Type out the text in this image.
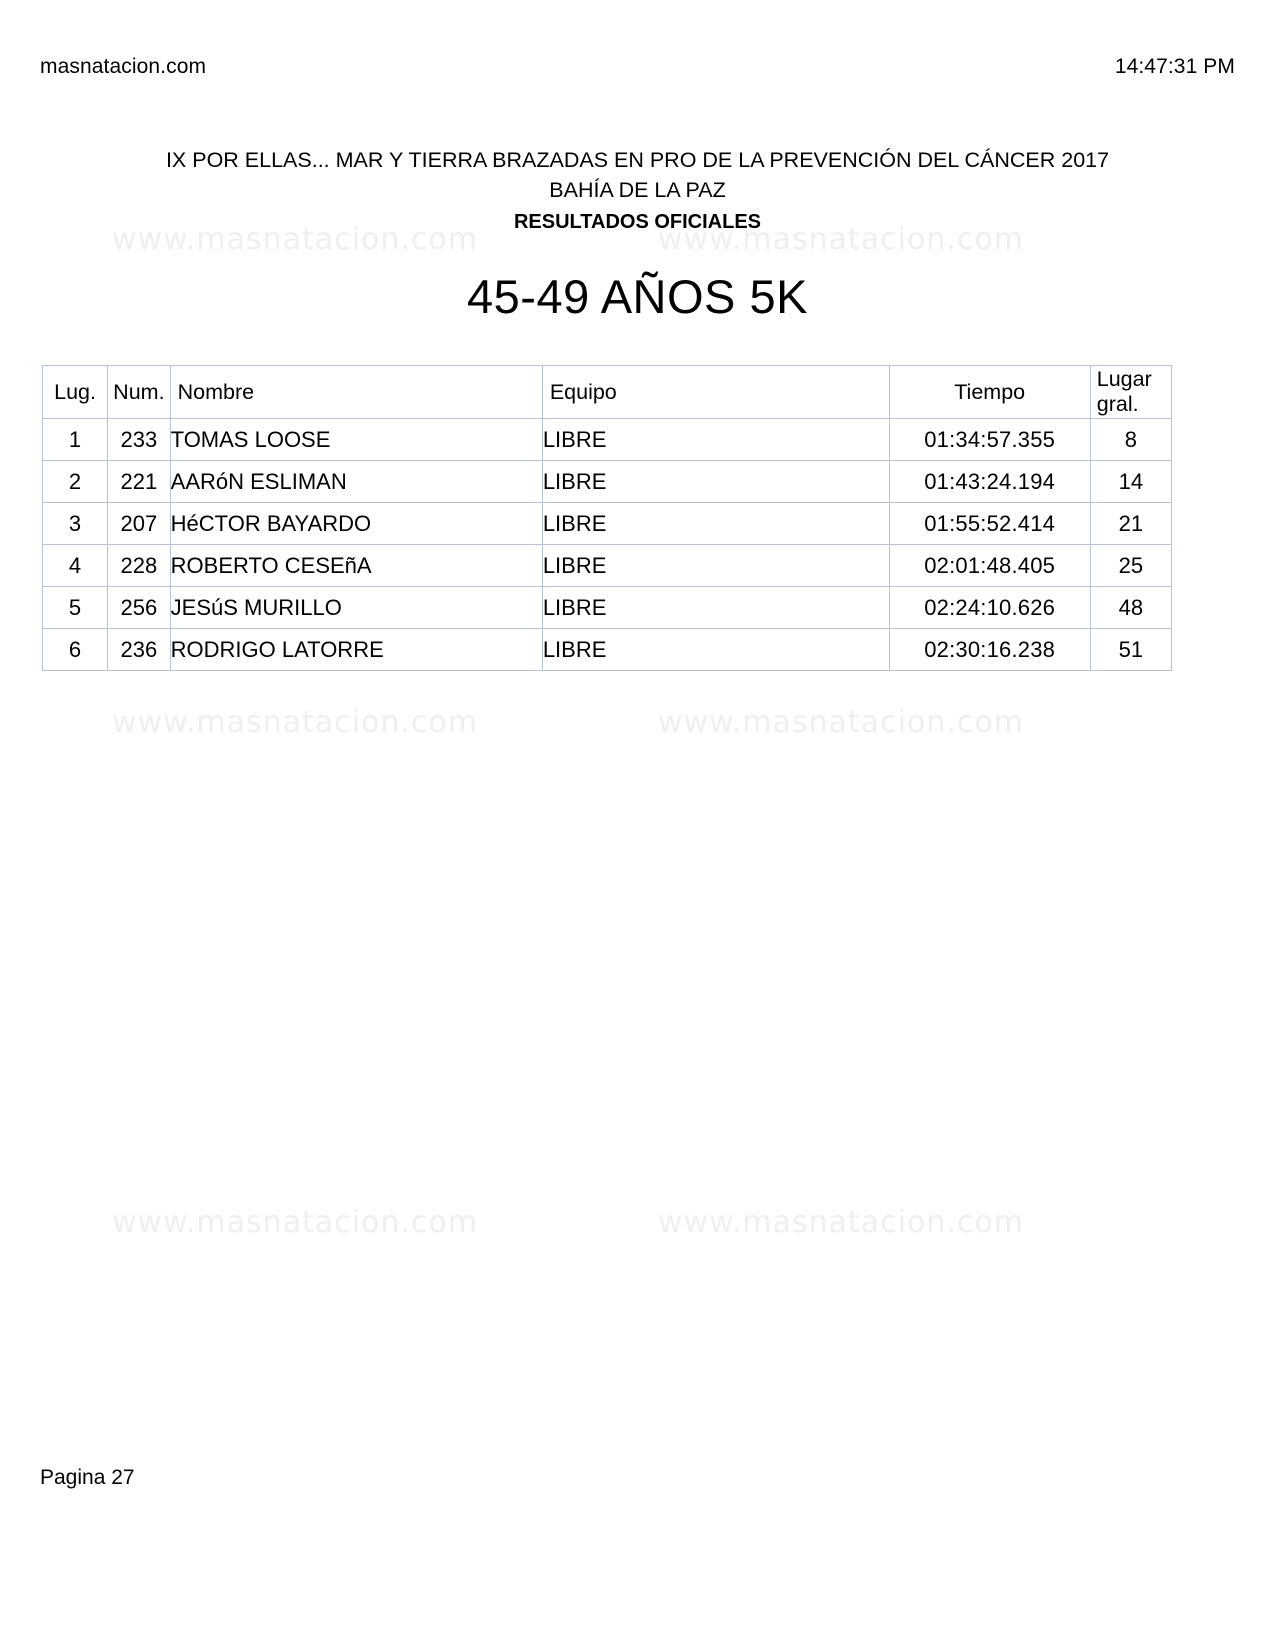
www.masnatacion.com	www.masnatacion.com
www.masnatacion.com	www.masnatacion.com
www.masnatacion.com	www.masnatacion.com
masnatacion.com	14:47:31 PM
IX POR ELLAS... MAR Y TIERRA BRAZADAS EN PRO DE LA PREVENCIÓN DEL CÁNCER 2017
BAHÍA DE LA PAZ
RESULTADOS OFICIALES
45-49 AÑOS 5K
Lug.	Num.	Nombre	Equipo	Tiempo	Lugar
gral.
1	233	TOMAS LOOSE	LIBRE	01:34:57.355	8
2	221	AARóN ESLIMAN	LIBRE	01:43:24.194	14
3	207	HéCTOR BAYARDO	LIBRE	01:55:52.414	21
4	228	ROBERTO CESEñA	LIBRE	02:01:48.405	25
5	256	JESúS MURILLO	LIBRE	02:24:10.626	48
6	236	RODRIGO LATORRE	LIBRE	02:30:16.238	51
Pagina 27
